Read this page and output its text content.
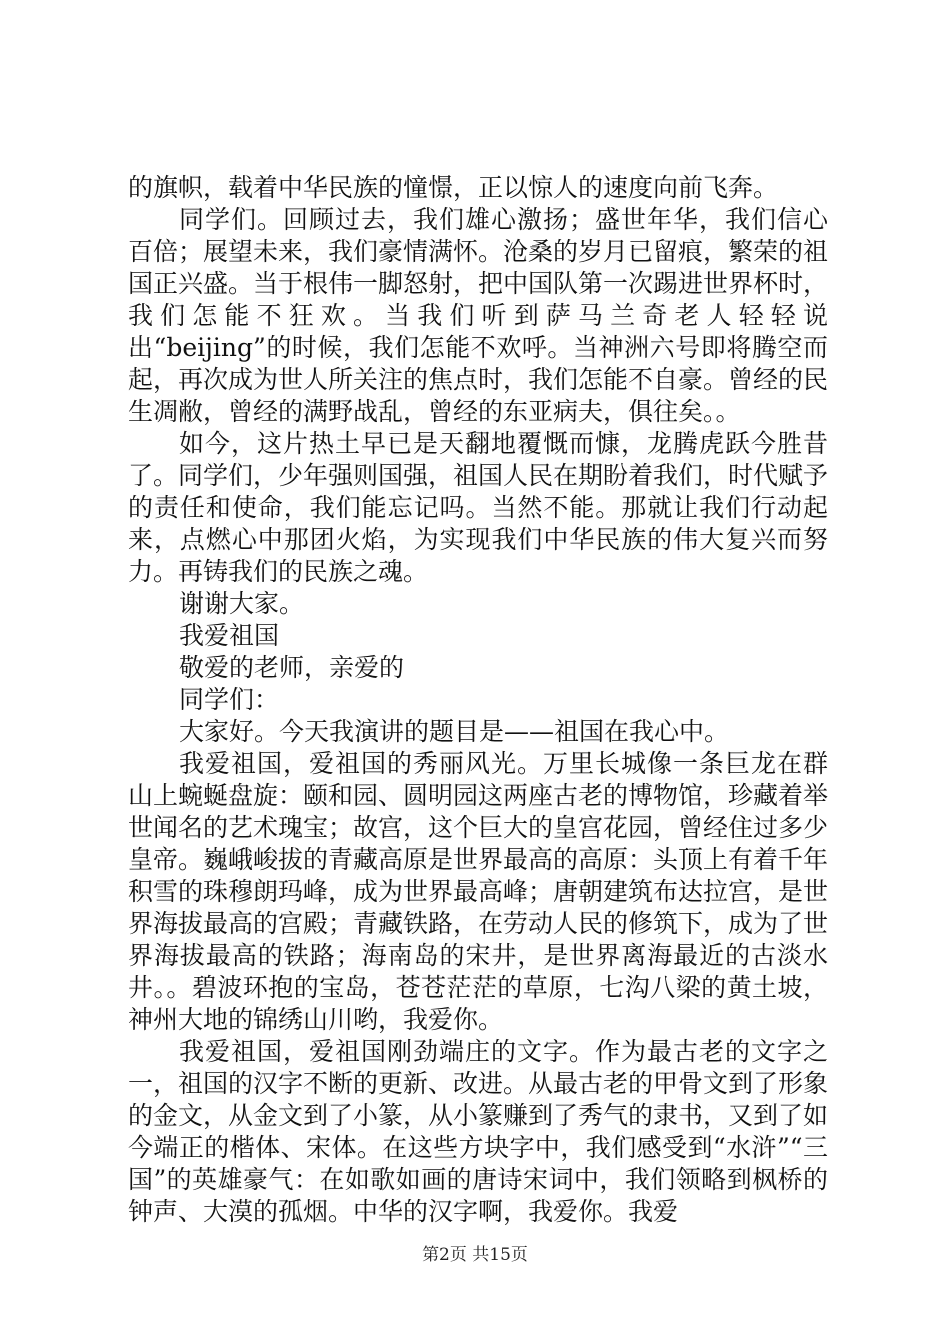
的旗帜，载着中华民族的憧憬，正以惊人的速度向前飞奔。

同学们。回顾过去，我们雄心激扬；盛世年华，我们信心百倍；展望未来，我们豪情满怀。沧桑的岁月已留痕，繁荣的祖国正兴盛。当于根伟一脚怒射，把中国队第一次踢进世界杯时，我们怎能不狂欢。当我们听到萨马兰奇老人轻轻说出“beijing”的时候，我们怎能不欢呼。当神洲六号即将腾空而起，再次成为世人所关注的焦点时，我们怎能不自豪。曾经的民生凋敝，曾经的满野战乱，曾经的东亚病夫，俱往矣。。

如今，这片热土早已是天翻地覆慨而慷，龙腾虎跃今胜昔了。同学们，少年强则国强，祖国人民在期盼着我们，时代赋予的责任和使命，我们能忘记吗。当然不能。那就让我们行动起来，点燃心中那团火焰，为实现我们中华民族的伟大复兴而努力。再铸我们的民族之魂。

谢谢大家。

我爱祖国

敬爱的老师，亲爱的

同学们：

大家好。今天我演讲的题目是——祖国在我心中。

我爱祖国，爱祖国的秀丽风光。万里长城像一条巨龙在群山上蜿蜒盘旋：颐和园、圆明园这两座古老的博物馆，珍藏着举世闻名的艺术瑰宝；故宫，这个巨大的皇宫花园，曾经住过多少皇帝。巍峨峻拔的青藏高原是世界最高的高原：头顶上有着千年积雪的珠穆朗玛峰，成为世界最高峰；唐朝建筑布达拉宫，是世界海拔最高的宫殿；青藏铁路，在劳动人民的修筑下，成为了世界海拔最高的铁路；海南岛的宋井，是世界离海最近的古淡水井。。碧波环抱的宝岛，苍苍茫茫的草原，七沟八梁的黄土坡，神州大地的锦绣山川哟，我爱你。

我爱祖国，爱祖国刚劲端庄的文字。作为最古老的文字之一，祖国的汉字不断的更新、改进。从最古老的甲骨文到了形象的金文，从金文到了小篆，从小篆赚到了秀气的隶书，又到了如今端正的楷体、宋体。在这些方块字中，我们感受到“水浒”“三国”的英雄豪气：在如歌如画的唐诗宋词中，我们领略到枫桥的钟声、大漠的孤烟。中华的汉字啊，我爱你。我爱

第2页 共15页
